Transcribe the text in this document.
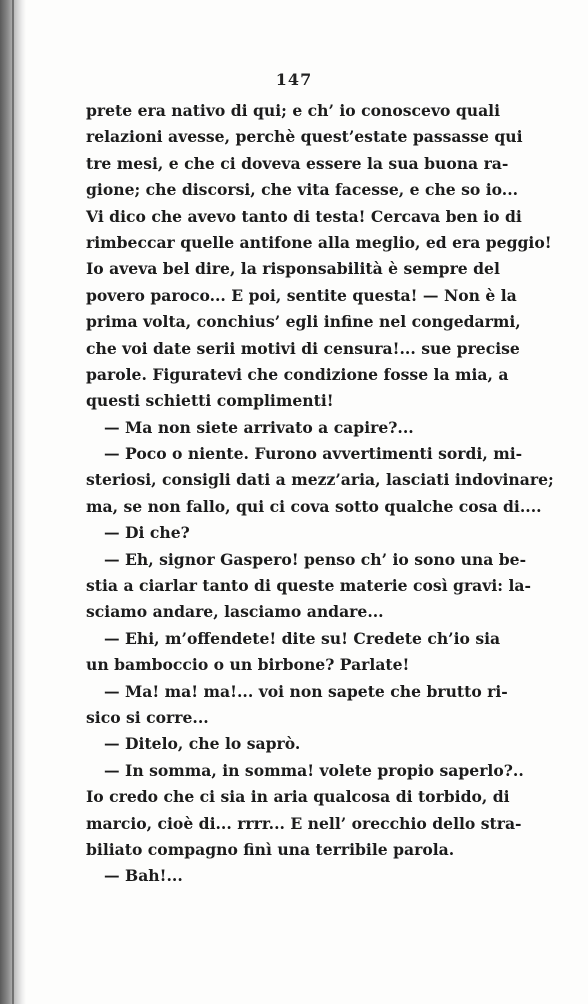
147
prete era nativo di qui; e ch’ io conoscevo quali
relazioni avesse, perchè quest’estate passasse qui
tre mesi, e che ci doveva essere la sua buona ra-
gione; che discorsi, che vita facesse, e che so io...
Vi dico che avevo tanto di testa! Cercava ben io di
rimbeccar quelle antifone alla meglio, ed era peggio!
Io aveva bel dire, la risponsabilità è sempre del
povero paroco... E poi, sentite questa! — Non è la
prima volta, conchius’ egli infine nel congedarmi,
che voi date serii motivi di censura!... sue precise
parole. Figuratevi che condizione fosse la mia, a
questi schietti complimenti!
— Ma non siete arrivato a capire?...
— Poco o niente. Furono avvertimenti sordi, mi-
steriosi, consigli dati a mezz’aria, lasciati indovinare;
ma, se non fallo, qui ci cova sotto qualche cosa di....
— Di che?
— Eh, signor Gaspero! penso ch’ io sono una be-
stia a ciarlar tanto di queste materie così gravi: la-
sciamo andare, lasciamo andare...
— Ehi, m’offendete! dite su! Credete ch’io sia
un bamboccio o un birbone? Parlate!
— Ma! ma! ma!... voi non sapete che brutto ri-
sico si corre...
— Ditelo, che lo saprò.
— In somma, in somma! volete propio saperlo?..
Io credo che ci sia in aria qualcosa di torbido, di
marcio, cioè di... rrrr... E nell’ orecchio dello stra-
biliato compagno finì una terribile parola.
— Bah!...
